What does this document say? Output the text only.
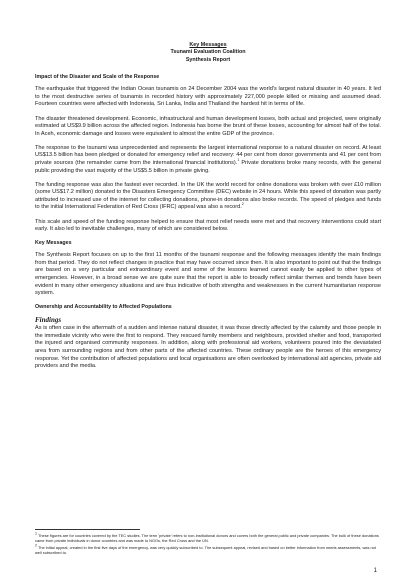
Key Messages
Tsunami Evaluation Coalition
Synthesis Report
Impact of the Disaster and Scale of the Response

The earthquake that triggered the Indian Ocean tsunamis on 24 December 2004 was the world's largest natural disaster in 40 years. It led to the most destructive series of tsunamis in recorded history with approximately 227,000 people killed or missing and assumed dead. Fourteen countries were affected with Indonesia, Sri Lanka, India and Thailand the hardest hit in terms of life.

The disaster threatened development. Economic, infrastructural and human development losses, both actual and projected, were originally estimated at US$9.9 billion across the affected region. Indonesia has borne the brunt of these losses, accounting for almost half of the total. In Aceh, economic damage and losses were equivalent to almost the entire GDP of the province.

The response to the tsunami was unprecedented and represents the largest international response to a natural disaster on record. At least US$13.5 billion has been pledged or donated for emergency relief and recovery: 44 per cent from donor governments and 41 per cent from private sources (the remainder came from the international financial institutions).$^1$ Private donations broke many records, with the general public providing the vast majority of the US$5.5 billion in private giving.

The funding response was also the fastest ever recorded. In the UK the world record for online donations was broken with over £10 million (some US$17.2 million) donated to the Disasters Emergency Committee (DEC) website in 24 hours. While this speed of donation was partly attributed to increased use of the internet for collecting donations, phone-in donations also broke records. The speed of pledges and funds to the initial International Federation of Red Cross (IFRC) appeal was also a record.$^2$

This scale and speed of the funding response helped to ensure that most relief needs were met and that recovery interventions could start early. It also led to inevitable challenges, many of which are considered below.

Key Messages

The Synthesis Report focuses on up to the first 11 months of the tsunami response and the following messages identify the main findings from that period. They do not reflect changes in practice that may have occurred since then. It is also important to point out that the findings are based on a very particular and extraordinary event and some of the lessons learned cannot easily be applied to other types of emergencies. However, in a broad sense we are quite sure that the report is able to broadly reflect similar themes and trends have been evident in many other emergency situations and are thus indicative of both strengths and weaknesses in the current humanitarian response system.

Ownership and Accountability to Affected Populations
Findings

As is often case in the aftermath of a sudden and intense natural disaster, it was those directly affected by the calamity and those people in the immediate vicinity who were the first to respond. They rescued family members and neighbours, provided shelter and food, transported the injured and organised community responses. In addition, along with professional aid workers, volunteers poured into the devastated area from surrounding regions and from other parts of the affected countries. These ordinary people are the heroes of this emergency response. Yet the contribution of affected populations and local organisations are often overlooked by international aid agencies, private aid providers and the media.

$^1$ These figures are for countries covered by the TEC studies. The term 'private' refers to non-institutional donors and covers both the general public and private companies. The bulk of these donations came from private individuals in donor countries and was made to NGOs, the Red Cross and the UN.
$^2$ The initial appeal, created in the first five days of the emergency, was very quickly subscribed to. The subsequent appeal, revised and based on better information from needs assessments, was not well subscribed to.
1
